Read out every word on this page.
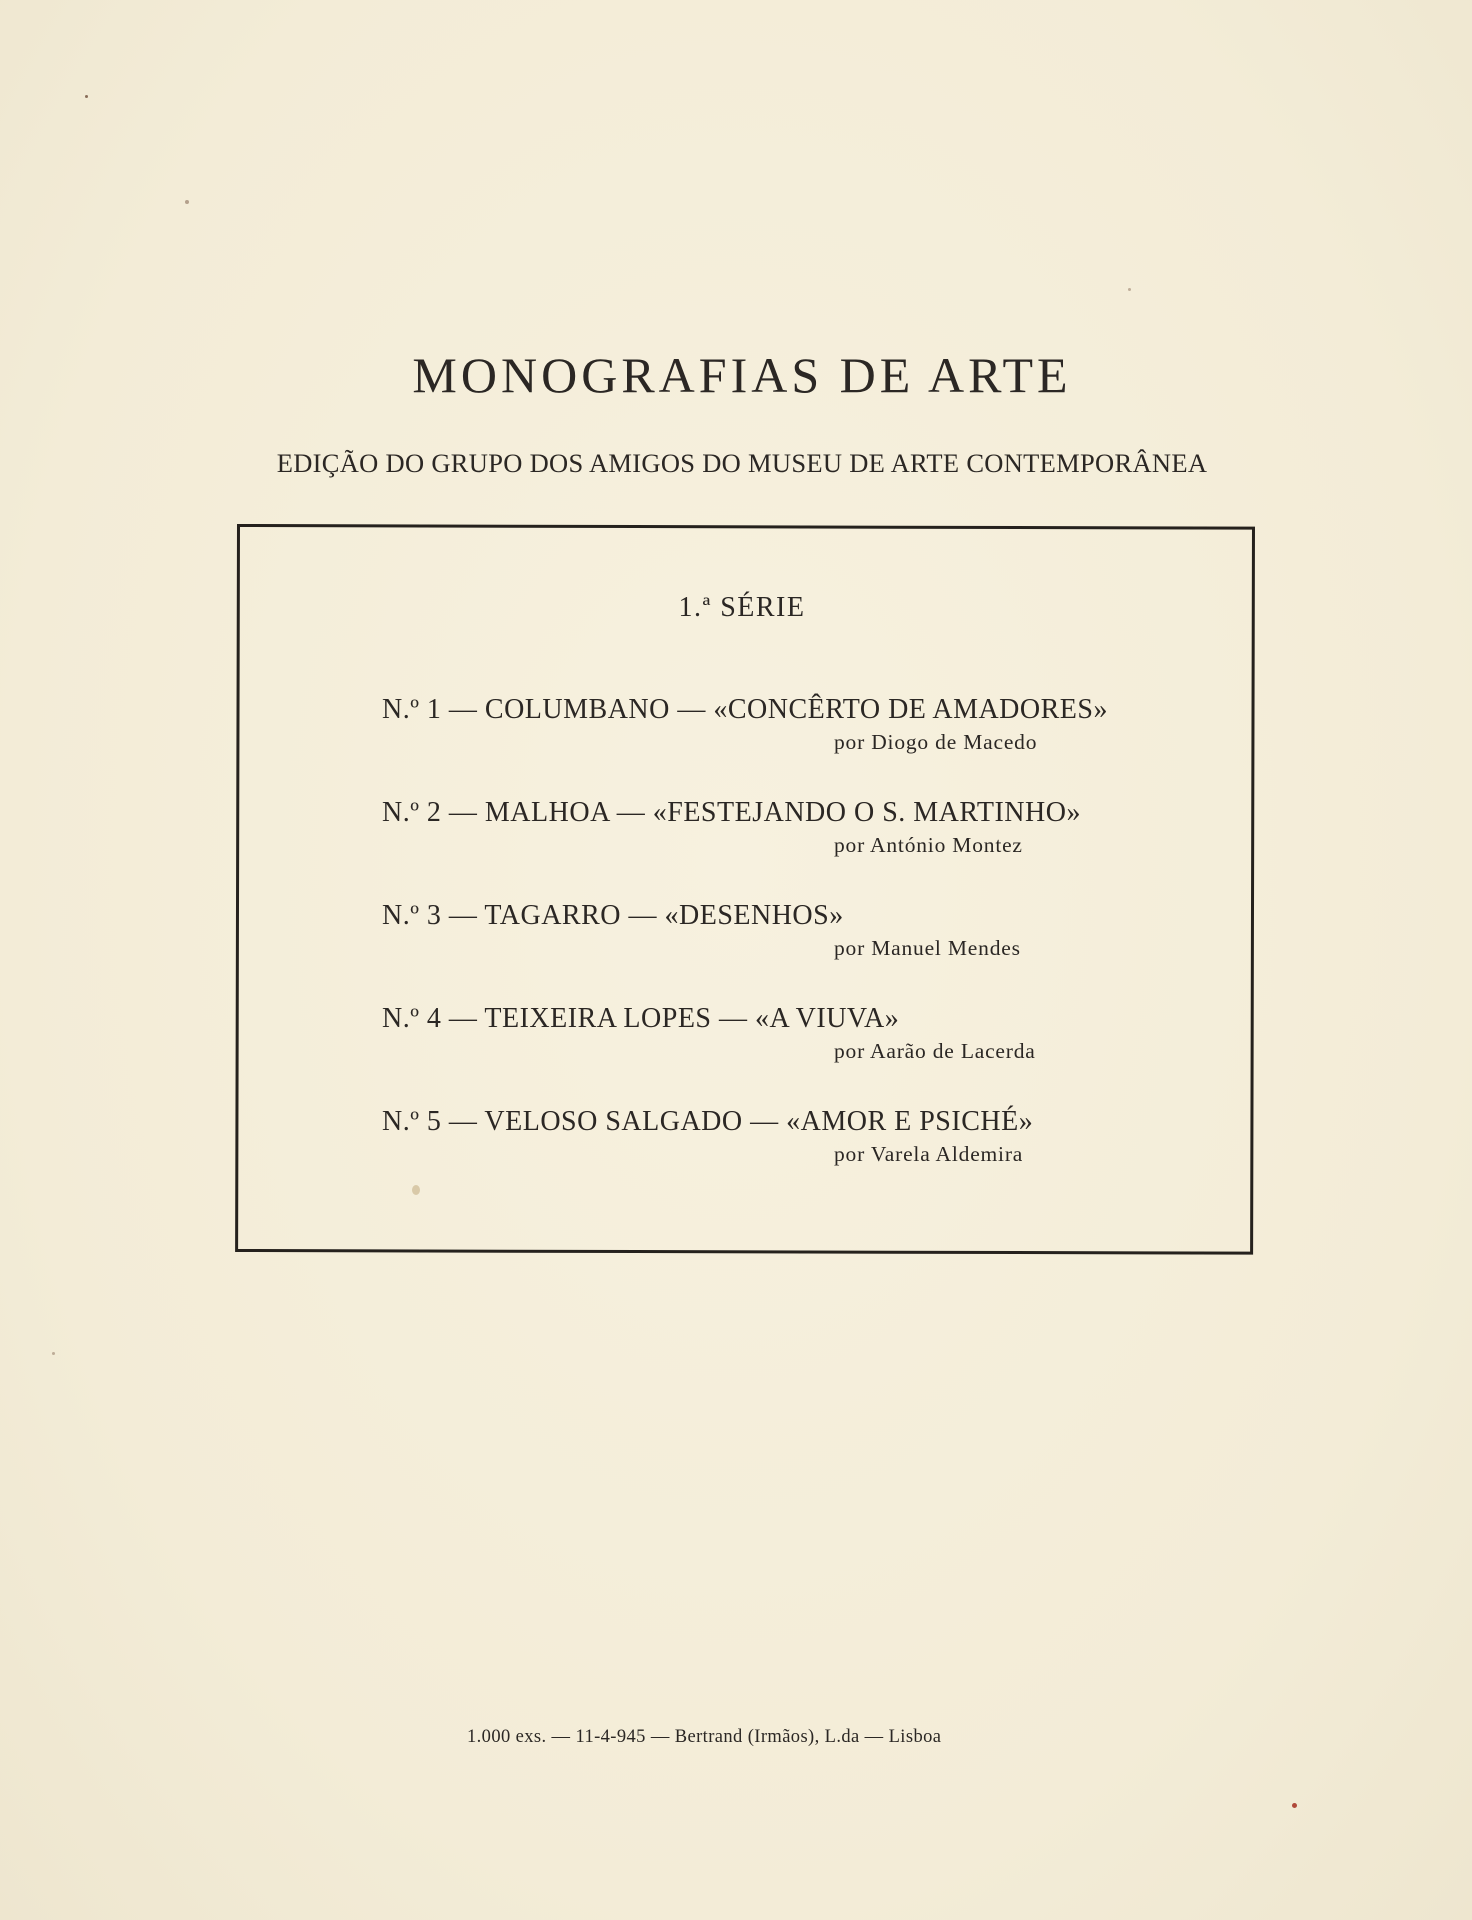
MONOGRAFIAS DE ARTE
EDIÇÃO DO GRUPO DOS AMIGOS DO MUSEU DE ARTE CONTEMPORÂNEA
1.ª SÉRIE
N.º 1 — COLUMBANO — «CONCÊRTO DE AMADORES»
por Diogo de Macedo
N.º 2 — MALHOA — «FESTEJANDO O S. MARTINHO»
por António Montez
N.º 3 — TAGARRO — «DESENHOS»
por Manuel Mendes
N.º 4 — TEIXEIRA LOPES — «A VIUVA»
por Aarão de Lacerda
N.º 5 — VELOSO SALGADO — «AMOR E PSICHÉ»
por Varela Aldemira
1.000 exs. — 11-4-945 — Bertrand (Irmãos), L.da — Lisboa
